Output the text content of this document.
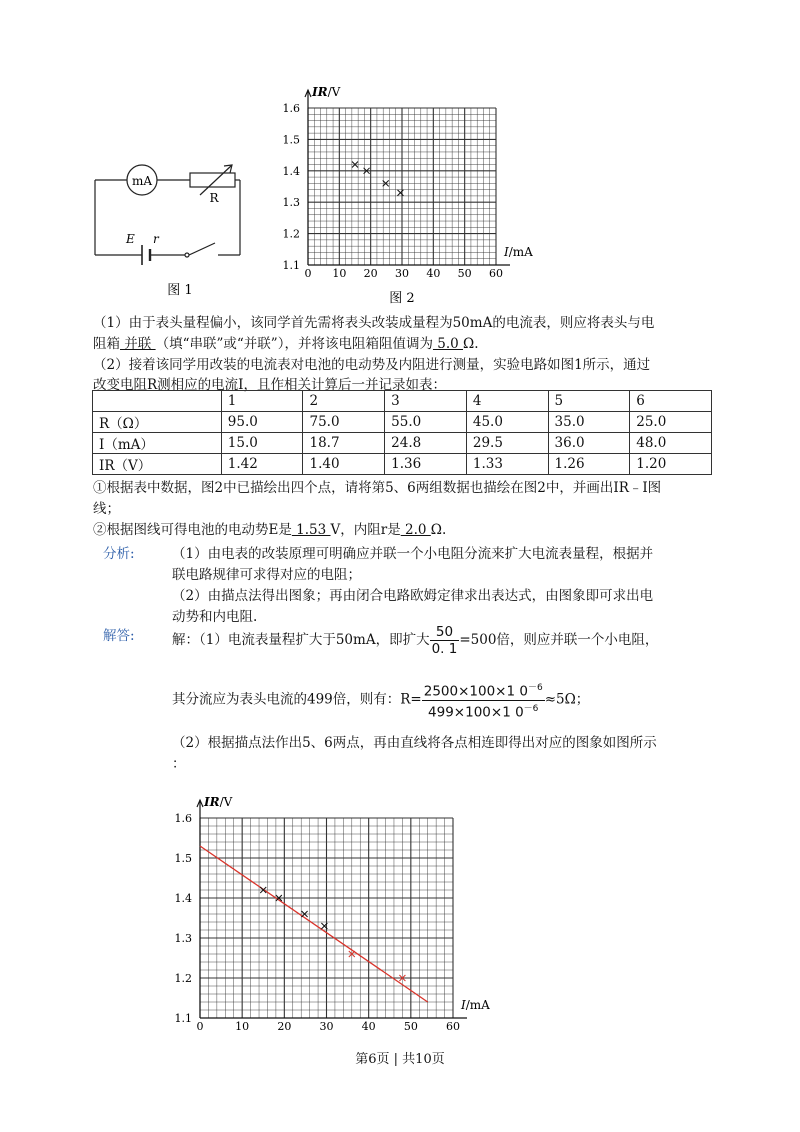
mA
R
E r
图 1
0 10 20 30 40 50 60
1.1
1.2
1.3
1.4
1.5
1.6
IR/V
I/mA
图 2
（1）由于表头量程偏小，该同学首先需将表头改装成量程为50mA的电流表，则应将表头与电
阻箱 并联 （填“串联”或“并联”），并将该电阻箱阻值调为 5.0 Ω.
（2）接着该同学用改装的电流表对电池的电动势及内阻进行测量，实验电路如图1所示，通过
改变电阻R测相应的电流I，且作相关计算后一并记录如表：
	1	2	3	4	5	6
R（Ω）	95.0	75.0	55.0	45.0	35.0	25.0
I（mA）	15.0	18.7	24.8	29.5	36.0	48.0
IR（V）	1.42	1.40	1.36	1.33	1.26	1.20
①根据表中数据，图2中已描绘出四个点，请将第5、6两组数据也描绘在图2中，并画出IR﹣I图
线；
②根据图线可得电池的电动势E是 1.53 V，内阻r是 2.0 Ω.
分析:	（1）由电表的改装原理可明确应并联一个小电阻分流来扩大电流表量程，根据并
联电路规律可求得对应的电阻；
（2）由描点法得出图象；再由闭合电路欧姆定律求出表达式，由图象即可求出电
动势和内电阻.
解答:	解：（1）电流表量程扩大于50mA，即扩大 $\frac{50}{0. 1} =500$倍，则应并联一个小电阻，
其分流应为表头电流的499倍，则有：$R= \frac{2500\times 100\times 1 0^{-6}}{499\times 100\times 1 0^{-6}} \approx 5\Omega$；
（2）根据描点法作出5、6两点，再由直线将各点相连即得出对应的图象如图所示
：
0	10	20	30	40	50	60
1.1
1.2
1.3
1.4
1.5
1.6
IR/V
I/mA
第6页 | 共10页
